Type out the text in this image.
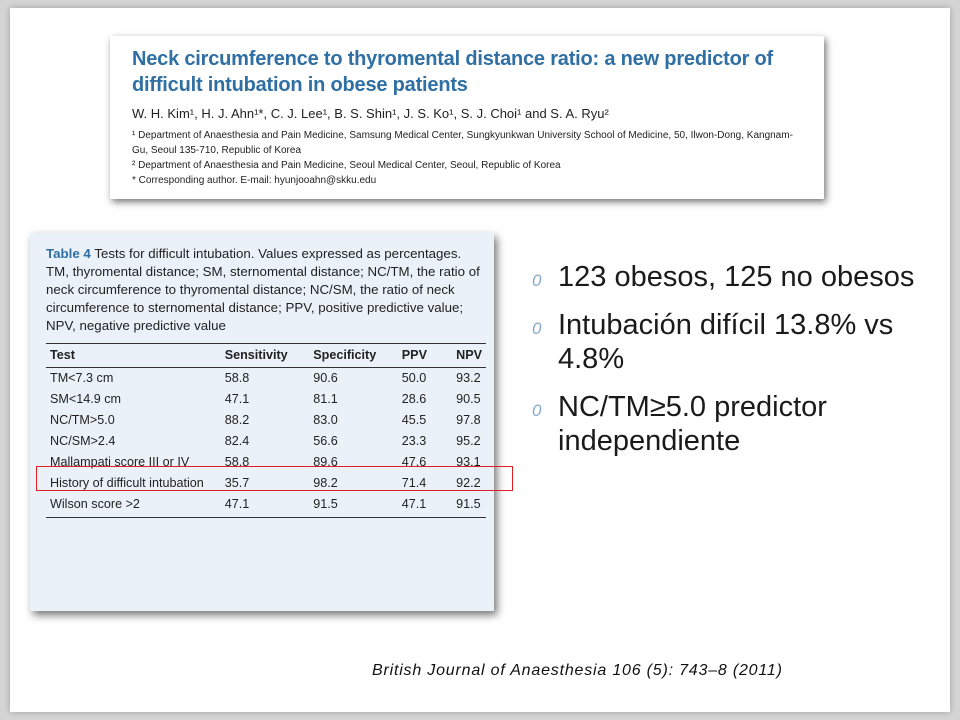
Neck circumference to thyromental distance ratio: a new predictor of difficult intubation in obese patients

W. H. Kim¹, H. J. Ahn¹*, C. J. Lee¹, B. S. Shin¹, J. S. Ko¹, S. J. Choi¹ and S. A. Ryu²

¹ Department of Anaesthesia and Pain Medicine, Samsung Medical Center, Sungkyunkwan University School of Medicine, 50, Ilwon-Dong, Kangnam-Gu, Seoul 135-710, Republic of Korea

² Department of Anaesthesia and Pain Medicine, Seoul Medical Center, Seoul, Republic of Korea

* Corresponding author. E-mail: hyunjooahn@skku.edu

Table 4 Tests for difficult intubation. Values expressed as percentages. TM, thyromental distance; SM, sternomental distance; NC/TM, the ratio of neck circumference to thyromental distance; NC/SM, the ratio of neck circumference to sternomental distance; PPV, positive predictive value; NPV, negative predictive value

Test	Sensitivity	Specificity	PPV	NPV
TM<7.3 cm	58.8	90.6	50.0	93.2
SM<14.9 cm	47.1	81.1	28.6	90.5
NC/TM>5.0	88.2	83.0	45.5	97.8
NC/SM>2.4	82.4	56.6	23.3	95.2
Mallampati score III or IV	58.8	89.6	47.6	93.1
History of difficult intubation	35.7	98.2	71.4	92.2
Wilson score >2	47.1	91.5	47.1	91.5
0 123 obesos, 125 no obesos
0 Intubación difícil 13.8% vs 4.8%
0 NC/TM≥5.0 predictor independiente
British Journal of Anaesthesia 106 (5): 743–8 (2011)
